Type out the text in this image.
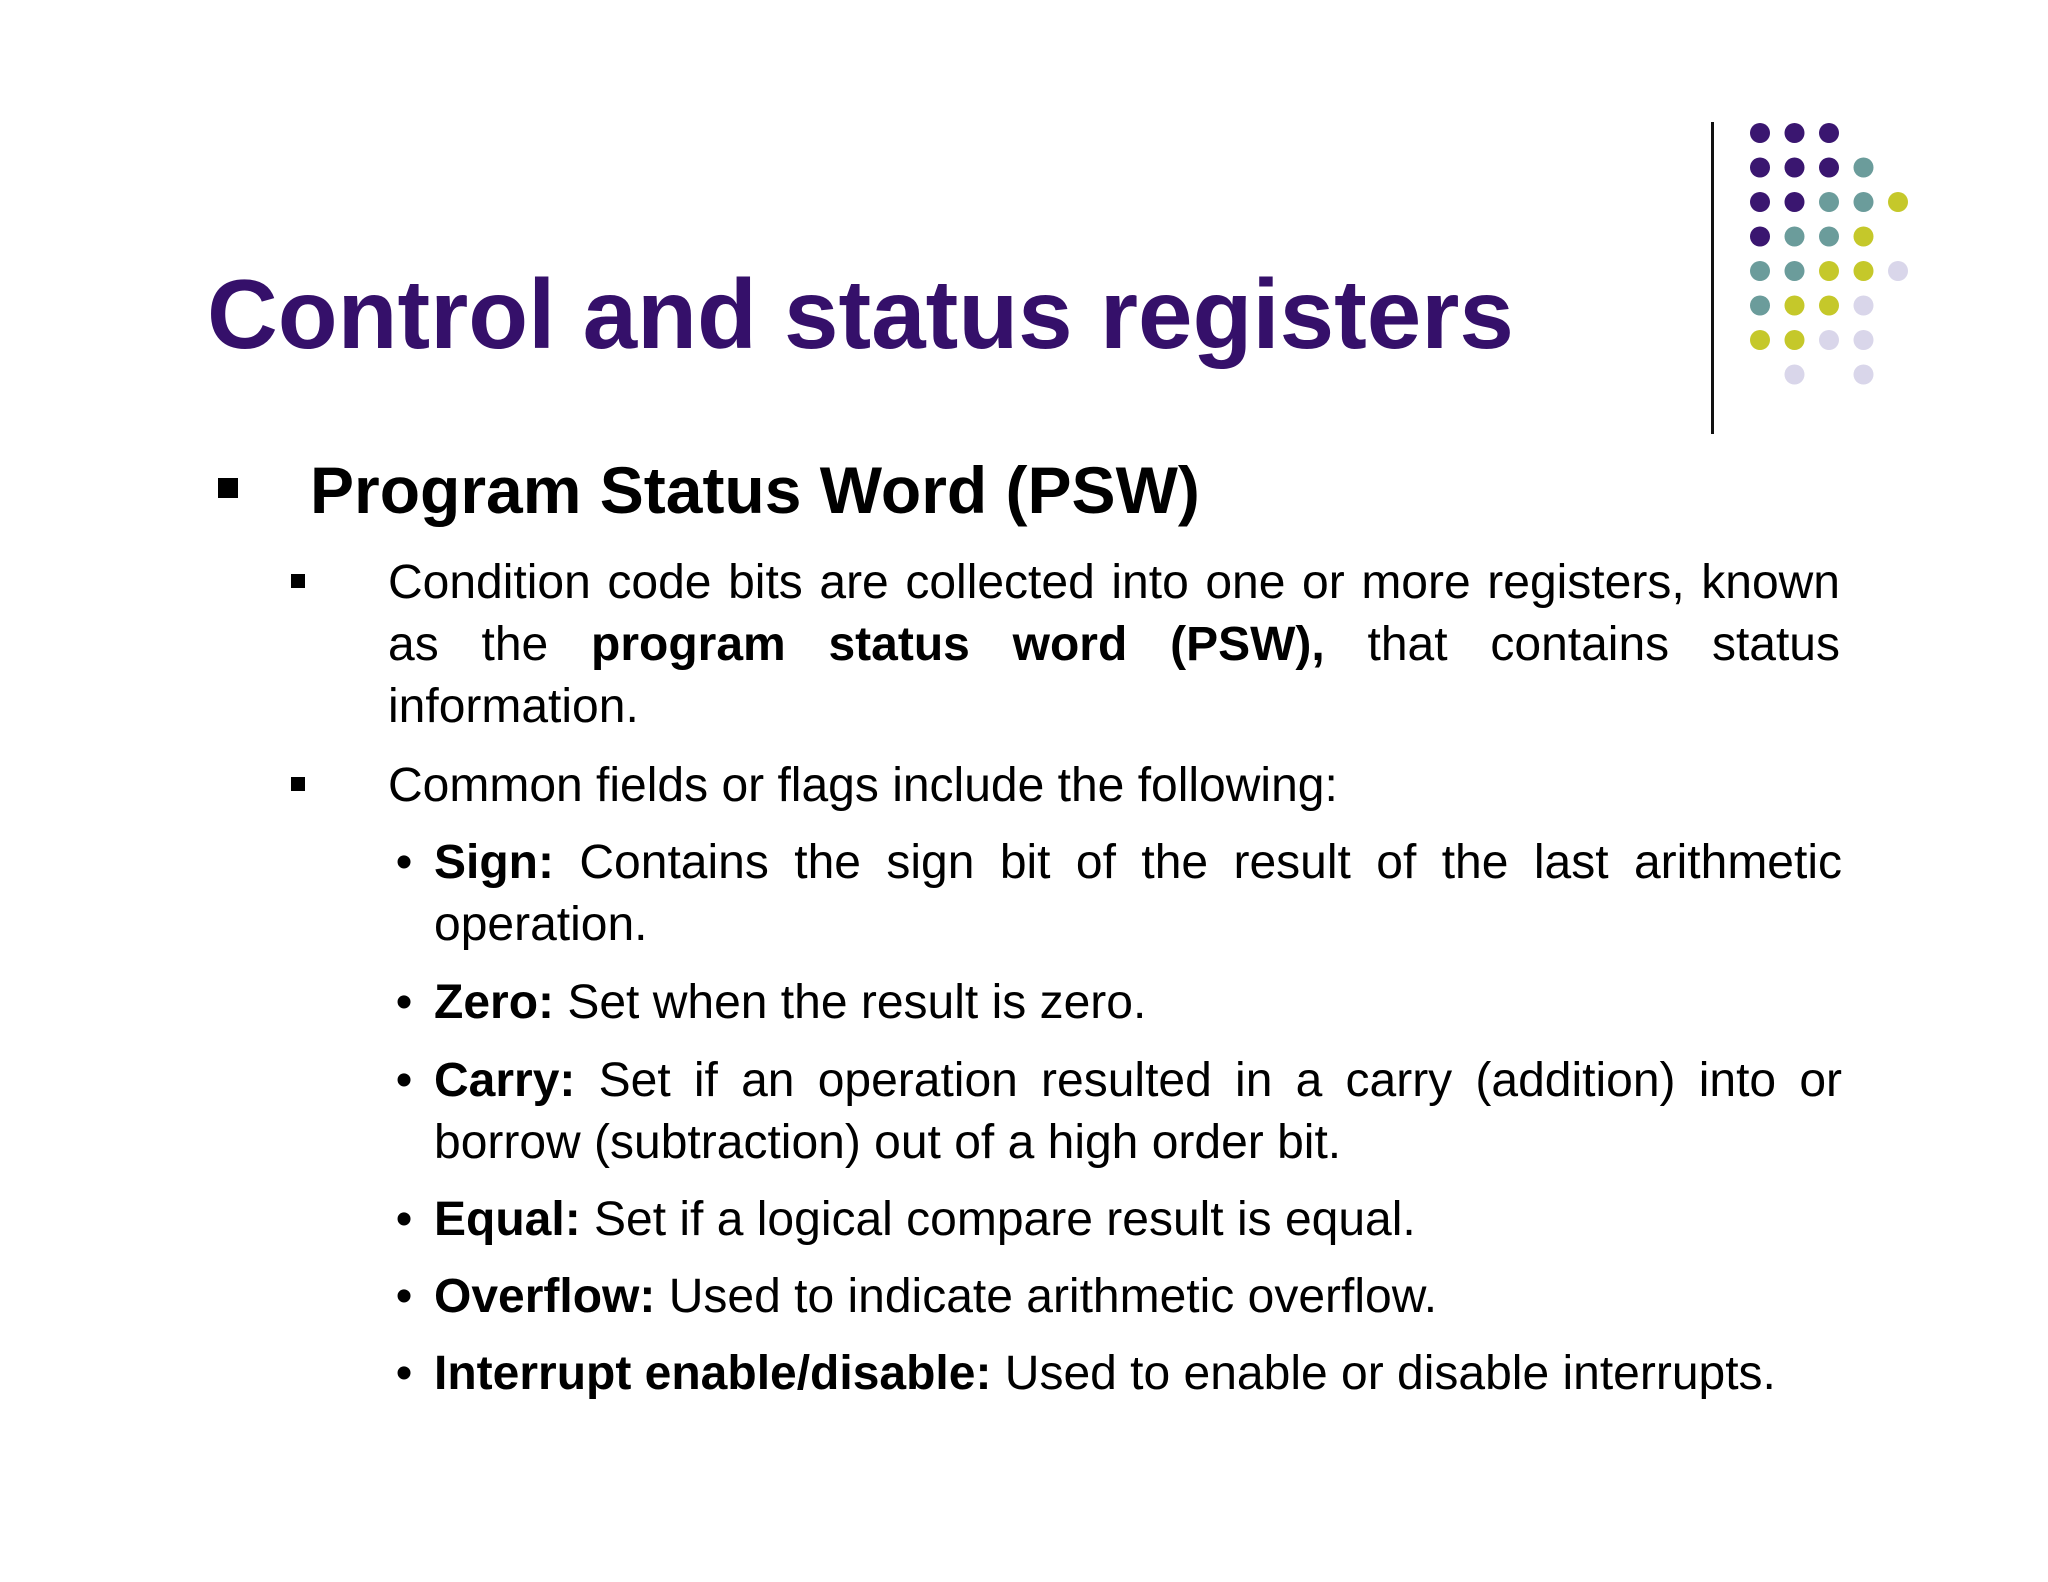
Control and status registers
Program Status Word (PSW)
Condition code bits are collected into one or more registers, known as the program status word (PSW), that contains status information.
Common fields or flags include the following:
• Sign: Contains the sign bit of the result of the last arithmetic operation.
• Zero: Set when the result is zero.
• Carry: Set if an operation resulted in a carry (addition) into or borrow (subtraction) out of a high order bit.
• Equal: Set if a logical compare result is equal.
• Overflow: Used to indicate arithmetic overflow.
• Interrupt enable/disable: Used to enable or disable interrupts.
